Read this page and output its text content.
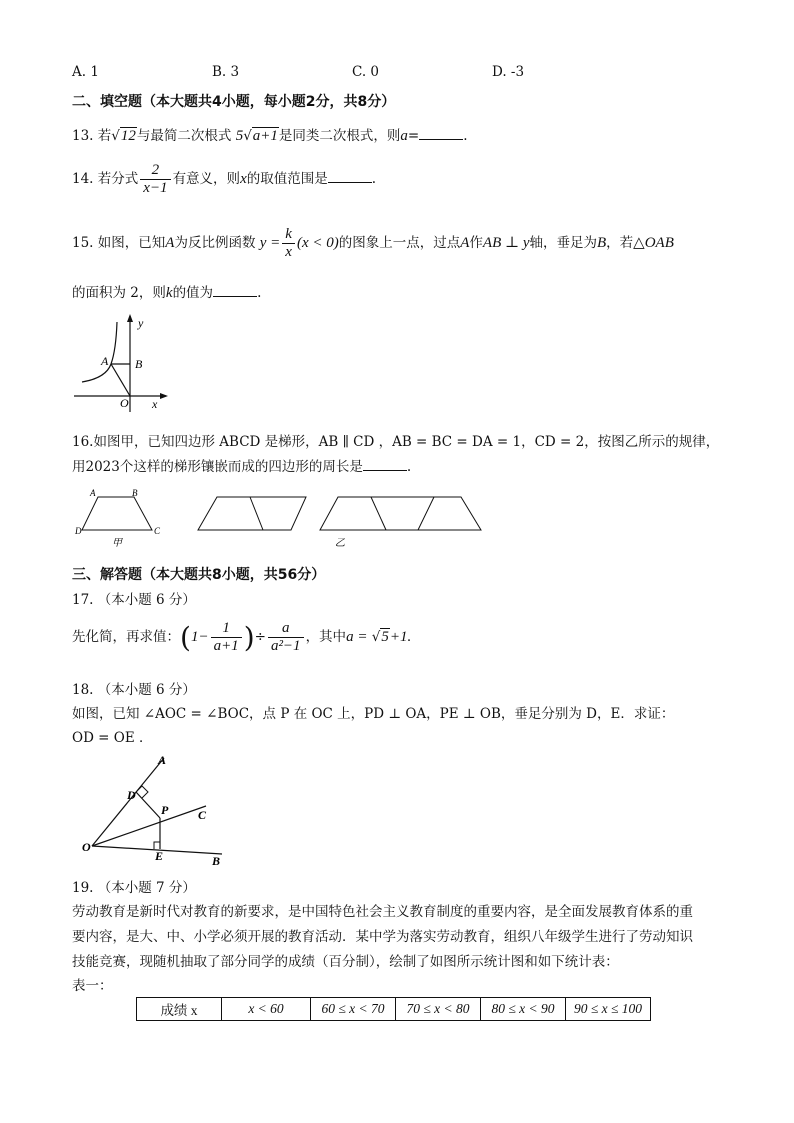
A. 1	B. 3	C. 0	D. -3
二、填空题（本大题共4小题，每小题2分，共8分）
13. 若√12与最简二次根式 5√a+1是同类二次根式，则a=	.
14. 若分式 $\frac{2}{x-1}$ 有意义，则x的取值范围是	.
15. 如图，已知A为反比例函数 $y = \frac{k}{x} (x < 0)$的图象上一点，过点A作AB ⊥ y轴，垂足为B，若△OAB
的面积为 2，则k的值为	.
y
A B
O x
16.如图甲，已知四边形 ABCD 是梯形，AB ∥ CD ，AB = BC = DA = 1，CD = 2，按图乙所示的规律，
用2023个这样的梯形镶嵌而成的四边形的周长是	.
A	B
D	C
甲	乙
三、解答题（本大题共8小题，共56分）
17. （本小题 6 分）
先化简，再求值：($1- \frac{1}{a+1}$ )÷ $\frac{a}{\text{a²−1}}$ ，其中a = √5+1.
18. （本小题 6 分）
如图，已知 ∠AOC = ∠BOC，点 P 在 OC 上，PD ⊥ OA，PE ⊥ OB，垂足分别为 D，E．求证：
OD = OE ．
A
D
P C
O
E	B
19. （本小题 7 分）
劳动教育是新时代对教育的新要求，是中国特色社会主义教育制度的重要内容，是全面发展教育体系的重
要内容，是大、中、小学必须开展的教育活动．某中学为落实劳动教育，组织八年级学生进行了劳动知识
技能竞赛，现随机抽取了部分同学的成绩（百分制），绘制了如图所示统计图和如下统计表：
表一：
成绩 x	x < 60	60 ≤ x < 70	70 ≤ x < 80	80 ≤ x < 90	90 ≤ x ≤ 100
